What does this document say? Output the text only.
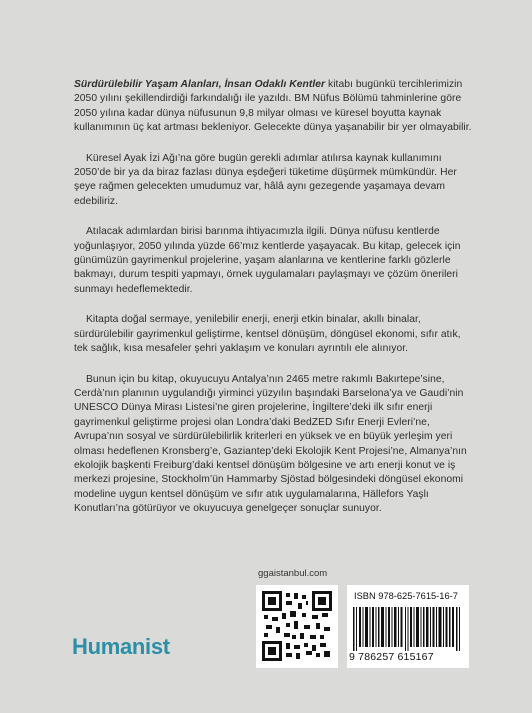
Sürdürülebilir Yaşam Alanları, İnsan Odaklı Kentler kitabı bugünkü tercihlerimizin 2050 yılını şekillendirdiği farkındalığı ile yazıldı. BM Nüfus Bölümü tahminlerine göre 2050 yılına kadar dünya nüfusunun 9,8 milyar olması ve küresel boyutta kaynak kullanımının üç kat artması bekleniyor. Gelecekte dünya yaşanabilir bir yer olmayabilir.

Küresel Ayak İzi Ağı’na göre bugün gerekli adımlar atılırsa kaynak kullanımını 2050’de bir ya da biraz fazlası dünya eşdeğeri tüketime düşürmek mümkündür. Her şeye rağmen gelecekten umudumuz var, hâlâ aynı gezegende yaşamaya devam edebiliriz.

Atılacak adımlardan birisi barınma ihtiyacımızla ilgili. Dünya nüfusu kentlerde yoğunlaşıyor, 2050 yılında yüzde 66’mız kentlerde yaşayacak. Bu kitap, gelecek için günümüzün gayrimenkul projelerine, yaşam alanlarına ve kentlerine farklı gözlerle bakmayı, durum tespiti yapmayı, örnek uygulamaları paylaşmayı ve çözüm önerileri sunmayı hedeflemektedir.

Kitapta doğal sermaye, yenilebilir enerji, enerji etkin binalar, akıllı binalar, sürdürülebilir gayrimenkul geliştirme, kentsel dönüşüm, döngüsel ekonomi, sıfır atık, tek sağlık, kısa mesafeler şehri yaklaşım ve konuları ayrıntılı ele alınıyor.

Bunun için bu kitap, okuyucuyu Antalya’nın 2465 metre rakımlı Bakırtepe’sine, Cerdà’nın planının uygulandığı yirminci yüzyılın başındaki Barselona’ya ve Gaudi’nin UNESCO Dünya Mirası Listesi’ne giren projelerine, İngiltere’deki ilk sıfır enerji gayrimenkul geliştirme projesi olan Londra’daki BedZED Sıfır Enerji Evleri’ne, Avrupa’nın sosyal ve sürdürülebilirlik kriterleri en yüksek ve en büyük yerleşim yeri olması hedeflenen Kronsberg’e, Gaziantep’deki Ekolojik Kent Projesi’ne, Almanya’nın ekolojik başkenti Freiburg’daki kentsel dönüşüm bölgesine ve artı enerji konut ve iş merkezi projesine, Stockholm’ün Hammarby Sjöstad bölgesindeki döngüsel ekonomi modeline uygun kentsel dönüşüm ve sıfır atık uygulamalarına, Hällefors Yaşlı Konutları’na götürüyor ve okuyucuya genelgeçer sonuçlar sunuyor.

ggaistanbul.com
ISBN 978-625-7615-16-7
9 786257 615167
Humanist
